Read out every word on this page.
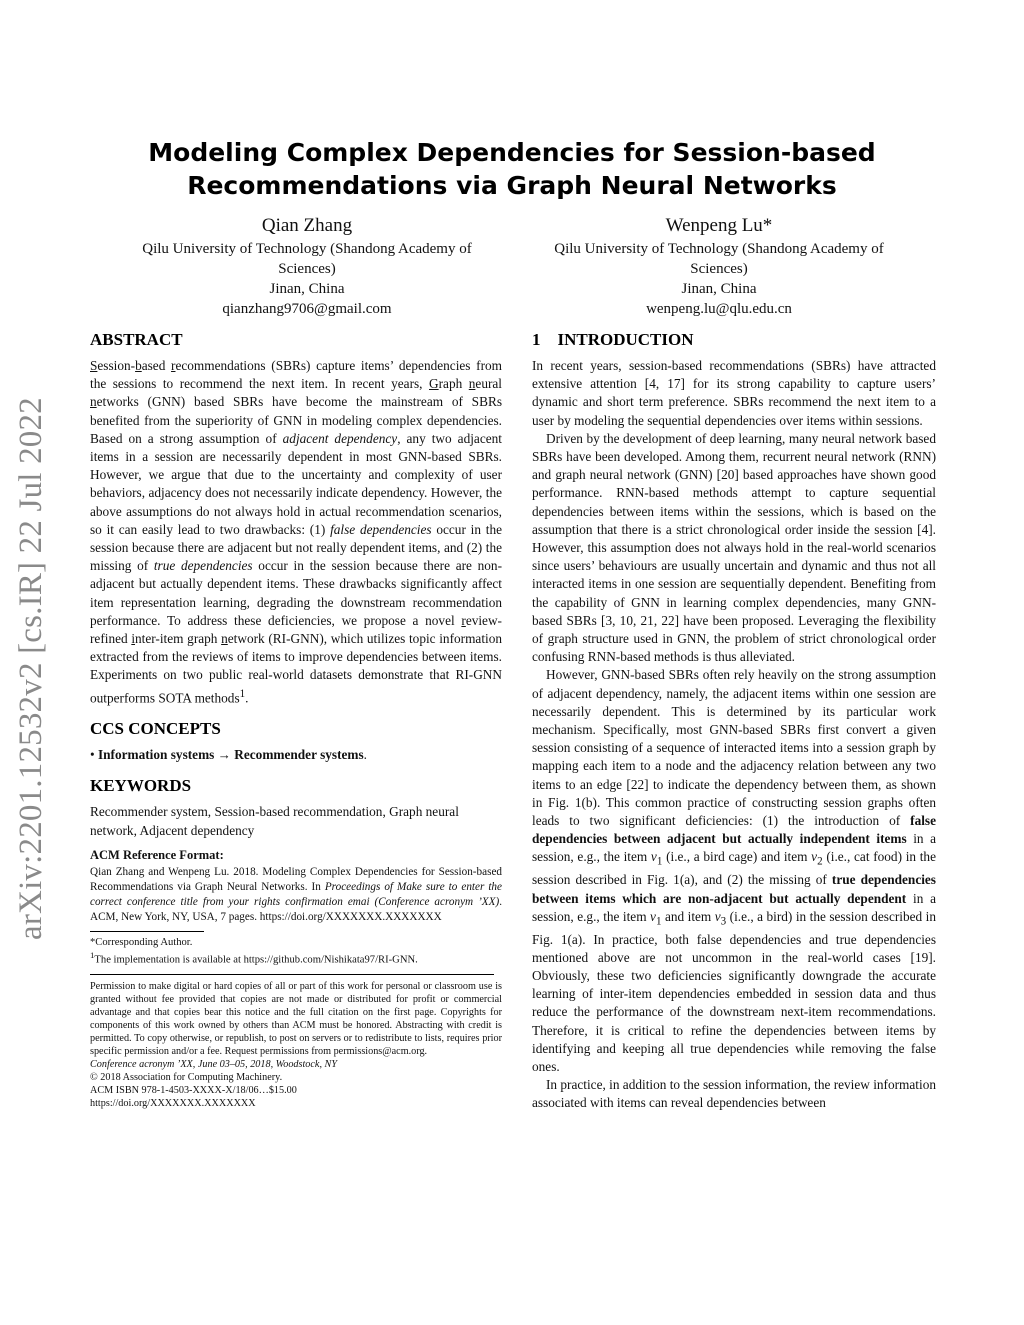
arXiv:2201.12532v2 [cs.IR] 22 Jul 2022
Modeling Complex Dependencies for Session-based
Recommendations via Graph Neural Networks
Qian Zhang
Qilu University of Technology (Shandong Academy of
Sciences)
Jinan, China
qianzhang9706@gmail.com
Wenpeng Lu*
Qilu University of Technology (Shandong Academy of
Sciences)
Jinan, China
wenpeng.lu@qlu.edu.cn
ABSTRACT

Session-based recommendations (SBRs) capture items’ dependencies from the sessions to recommend the next item. In recent years, Graph neural networks (GNN) based SBRs have become the mainstream of SBRs benefited from the superiority of GNN in modeling complex dependencies. Based on a strong assumption of adjacent dependency, any two adjacent items in a session are necessarily dependent in most GNN-based SBRs. However, we argue that due to the uncertainty and complexity of user behaviors, adjacency does not necessarily indicate dependency. However, the above assumptions do not always hold in actual recommendation scenarios, so it can easily lead to two drawbacks: (1) false dependencies occur in the session because there are adjacent but not really dependent items, and (2) the missing of true dependencies occur in the session because there are non-adjacent but actually dependent items. These drawbacks significantly affect item representation learning, degrading the downstream recommendation performance. To address these deficiencies, we propose a novel review-refined inter-item graph network (RI-GNN), which utilizes topic information extracted from the reviews of items to improve dependencies between items. Experiments on two public real-world datasets demonstrate that RI-GNN outperforms SOTA methods$^1$.

CCS CONCEPTS

• Information systems → Recommender systems.

KEYWORDS

Recommender system, Session-based recommendation, Graph neural network, Adjacent dependency

ACM Reference Format:

Qian Zhang and Wenpeng Lu. 2018. Modeling Complex Dependencies for Session-based Recommendations via Graph Neural Networks. In Proceedings of Make sure to enter the correct conference title from your rights confirmation emai (Conference acronym ’XX). ACM, New York, NY, USA, 7 pages. https://doi.org/XXXXXXX.XXXXXXX

*Corresponding Author.
$^1$The implementation is available at https://github.com/Nishikata97/RI-GNN.

Permission to make digital or hard copies of all or part of this work for personal or classroom use is granted without fee provided that copies are not made or distributed for profit or commercial advantage and that copies bear this notice and the full citation on the first page. Copyrights for components of this work owned by others than ACM must be honored. Abstracting with credit is permitted. To copy otherwise, or republish, to post on servers or to redistribute to lists, requires prior specific permission and/or a fee. Request permissions from permissions@acm.org.

Conference acronym ’XX, June 03–05, 2018, Woodstock, NY
© 2018 Association for Computing Machinery.
ACM ISBN 978-1-4503-XXXX-X/18/06…$15.00
https://doi.org/XXXXXXX.XXXXXXX
1    INTRODUCTION

In recent years, session-based recommendations (SBRs) have attracted extensive attention [4, 17] for its strong capability to capture users’ dynamic and short term preference. SBRs recommend the next item to a user by modeling the sequential dependencies over items within sessions.

Driven by the development of deep learning, many neural network based SBRs have been developed. Among them, recurrent neural network (RNN) and graph neural network (GNN) [20] based approaches have shown good performance. RNN-based methods attempt to capture sequential dependencies between items within the sessions, which is based on the assumption that there is a strict chronological order inside the session [4]. However, this assumption does not always hold in the real-world scenarios since users’ behaviours are usually uncertain and dynamic and thus not all interacted items in one session are sequentially dependent. Benefiting from the capability of GNN in learning complex dependencies, many GNN-based SBRs [3, 10, 21, 22] have been proposed. Leveraging the flexibility of graph structure used in GNN, the problem of strict chronological order confusing RNN-based methods is thus alleviated.

However, GNN-based SBRs often rely heavily on the strong assumption of adjacent dependency, namely, the adjacent items within one session are necessarily dependent. This is determined by its particular work mechanism. Specifically, most GNN-based SBRs first convert a given session consisting of a sequence of interacted items into a session graph by mapping each item to a node and the adjacency relation between any two items to an edge [22] to indicate the dependency between them, as shown in Fig. 1(b). This common practice of constructing session graphs often leads to two significant deficiencies: (1) the introduction of false dependencies between adjacent but actually independent items in a session, e.g., the item $v_1$ (i.e., a bird cage) and item $v_2$ (i.e., cat food) in the session described in Fig. 1(a), and (2) the missing of true dependencies between items which are non-adjacent but actually dependent in a session, e.g., the item $v_1$ and item $v_3$ (i.e., a bird) in the session described in Fig. 1(a). In practice, both false dependencies and true dependencies mentioned above are not uncommon in the real-world cases [19]. Obviously, these two deficiencies significantly downgrade the accurate learning of inter-item dependencies embedded in session data and thus reduce the performance of the downstream next-item recommendations. Therefore, it is critical to refine the dependencies between items by identifying and keeping all true dependencies while removing the false ones.

In practice, in addition to the session information, the review information associated with items can reveal dependencies between
